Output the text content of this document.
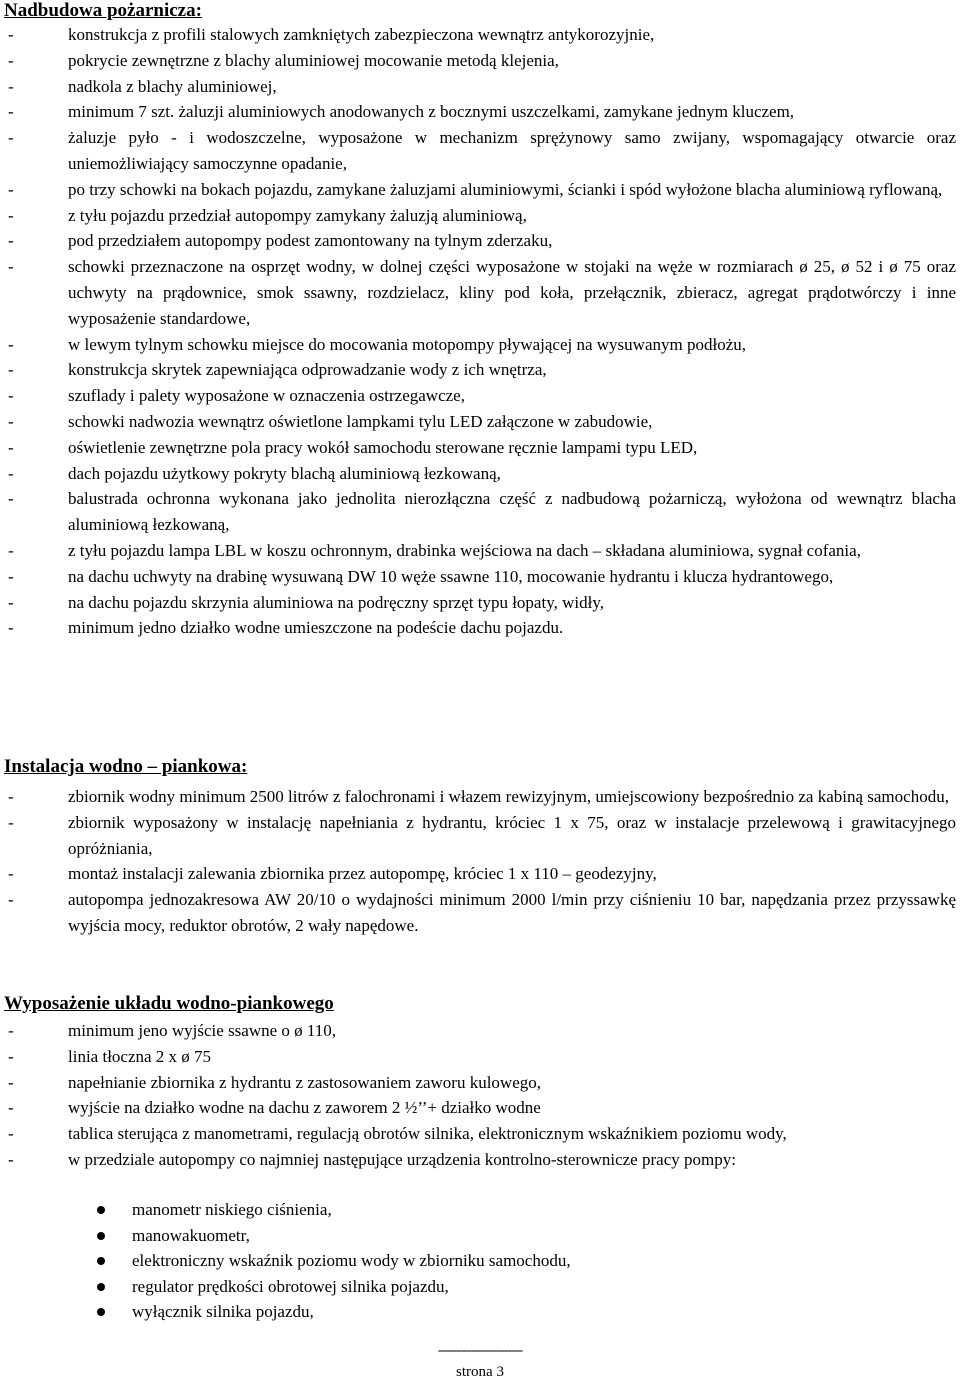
Nadbudowa pożarnicza:
-	konstrukcja z profili stalowych zamkniętych zabezpieczona wewnątrz antykorozyjnie,
-	pokrycie zewnętrzne z blachy aluminiowej mocowanie metodą klejenia,
-	nadkola z blachy aluminiowej,
-	minimum 7 szt. żaluzji aluminiowych anodowanych z bocznymi uszczelkami, zamykane jednym kluczem,
-	żaluzje pyło - i wodoszczelne, wyposażone w mechanizm sprężynowy samo zwijany, wspomagający otwarcie oraz uniemożliwiający samoczynne opadanie,
-	po trzy schowki na bokach pojazdu, zamykane żaluzjami aluminiowymi, ścianki i spód wyłożone blacha aluminiową ryflowaną,
-	z tyłu pojazdu przedział autopompy zamykany żaluzją aluminiową,
-	pod przedziałem autopompy podest zamontowany na tylnym zderzaku,
-	schowki przeznaczone na osprzęt wodny, w dolnej części wyposażone w stojaki na węże w rozmiarach ø 25, ø 52 i ø 75 oraz uchwyty na prądownice, smok ssawny, rozdzielacz, kliny pod koła, przełącznik, zbieracz, agregat prądotwórczy i inne wyposażenie standardowe,
-	w lewym tylnym schowku miejsce do mocowania motopompy pływającej na wysuwanym podłożu,
-	konstrukcja skrytek zapewniająca odprowadzanie wody z ich wnętrza,
-	szuflady i palety wyposażone w oznaczenia ostrzegawcze,
-	schowki nadwozia wewnątrz oświetlone lampkami tylu LED załączone w zabudowie,
-	oświetlenie zewnętrzne pola pracy wokół samochodu sterowane ręcznie lampami typu LED,
-	dach pojazdu użytkowy pokryty blachą aluminiową łezkowaną,
-	balustrada ochronna wykonana jako jednolita nierozłączna część z nadbudową pożarniczą, wyłożona od wewnątrz blacha aluminiową łezkowaną,
-	z tyłu pojazdu lampa LBL w koszu ochronnym, drabinka wejściowa na dach – składana aluminiowa, sygnał cofania,
-	na dachu uchwyty na drabinę wysuwaną DW 10 węże ssawne 110, mocowanie hydrantu i klucza hydrantowego,
-	na dachu pojazdu skrzynia aluminiowa na podręczny sprzęt typu łopaty, widły,
-	minimum jedno działko wodne umieszczone na podeście dachu pojazdu.
Instalacja wodno – piankowa:
-	zbiornik wodny minimum 2500 litrów z falochronami i włazem rewizyjnym, umiejscowiony bezpośrednio za kabiną samochodu,
-	zbiornik wyposażony w instalację napełniania z hydrantu, króciec 1 x 75, oraz w instalacje przelewową i grawitacyjnego opróżniania,
-	montaż instalacji zalewania zbiornika przez autopompę, króciec 1 x 110 – geodezyjny,
-	autopompa jednozakresowa AW 20/10 o wydajności minimum 2000 l/min przy ciśnieniu 10 bar, napędzania przez przyssawkę wyjścia mocy, reduktor obrotów, 2 wały napędowe.
Wyposażenie układu wodno-piankowego
-	minimum jeno wyjście ssawne o ø 110,
-	linia tłoczna 2 x ø 75
-	napełnianie zbiornika z hydrantu z zastosowaniem zaworu kulowego,
-	wyjście na działko wodne na dachu z zaworem 2 ½’’+ działko wodne
-	tablica sterująca z manometrami, regulacją obrotów silnika, elektronicznym wskaźnikiem poziomu wody,
-	w przedziale autopompy co najmniej następujące urządzenia kontrolno-sterownicze pracy pompy:
manometr niskiego ciśnienia,
manowakuometr,
elektroniczny wskaźnik poziomu wody w zbiorniku samochodu,
regulator prędkości obrotowej silnika pojazdu,
wyłącznik silnika pojazdu,
-----------------------
strona 3
